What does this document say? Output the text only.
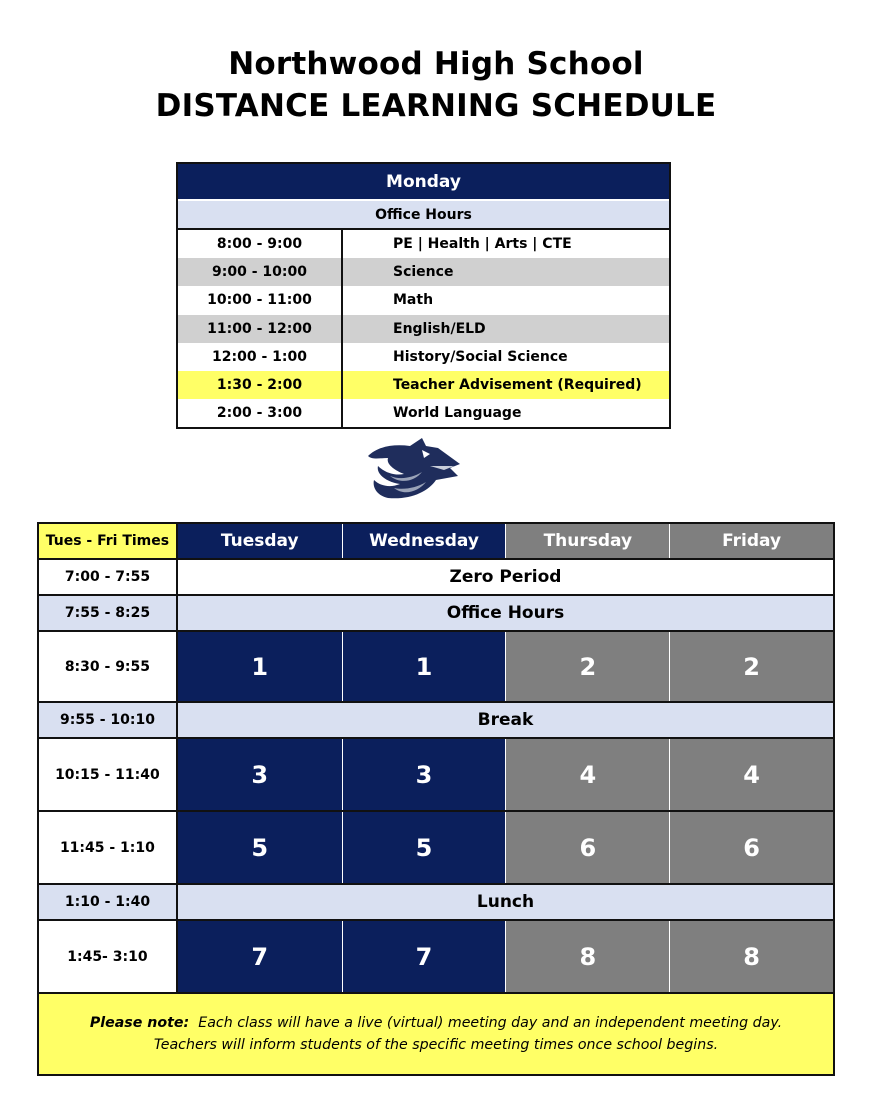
Northwood High School
DISTANCE LEARNING SCHEDULE
Monday
Office Hours
8:00 - 9:00	PE | Health | Arts | CTE
9:00 - 10:00	Science
10:00 - 11:00	Math
11:00 - 12:00	English/ELD
12:00 - 1:00	History/Social Science
1:30 - 2:00	Teacher Advisement (Required)
2:00 - 3:00	World Language
Tues - Fri Times	Tuesday	Wednesday	Thursday	Friday
7:00 - 7:55	Zero Period
7:55 - 8:25	Office Hours
8:30 - 9:55	1	1	2	2
9:55 - 10:10	Break
10:15 - 11:40	3	3	4	4
11:45 - 1:10	5	5	6	6
1:10 - 1:40	Lunch
1:45- 3:10	7	7	8	8
Please note: Each class will have a live (virtual) meeting day and an independent meeting day.
Teachers will inform students of the specific meeting times once school begins.
